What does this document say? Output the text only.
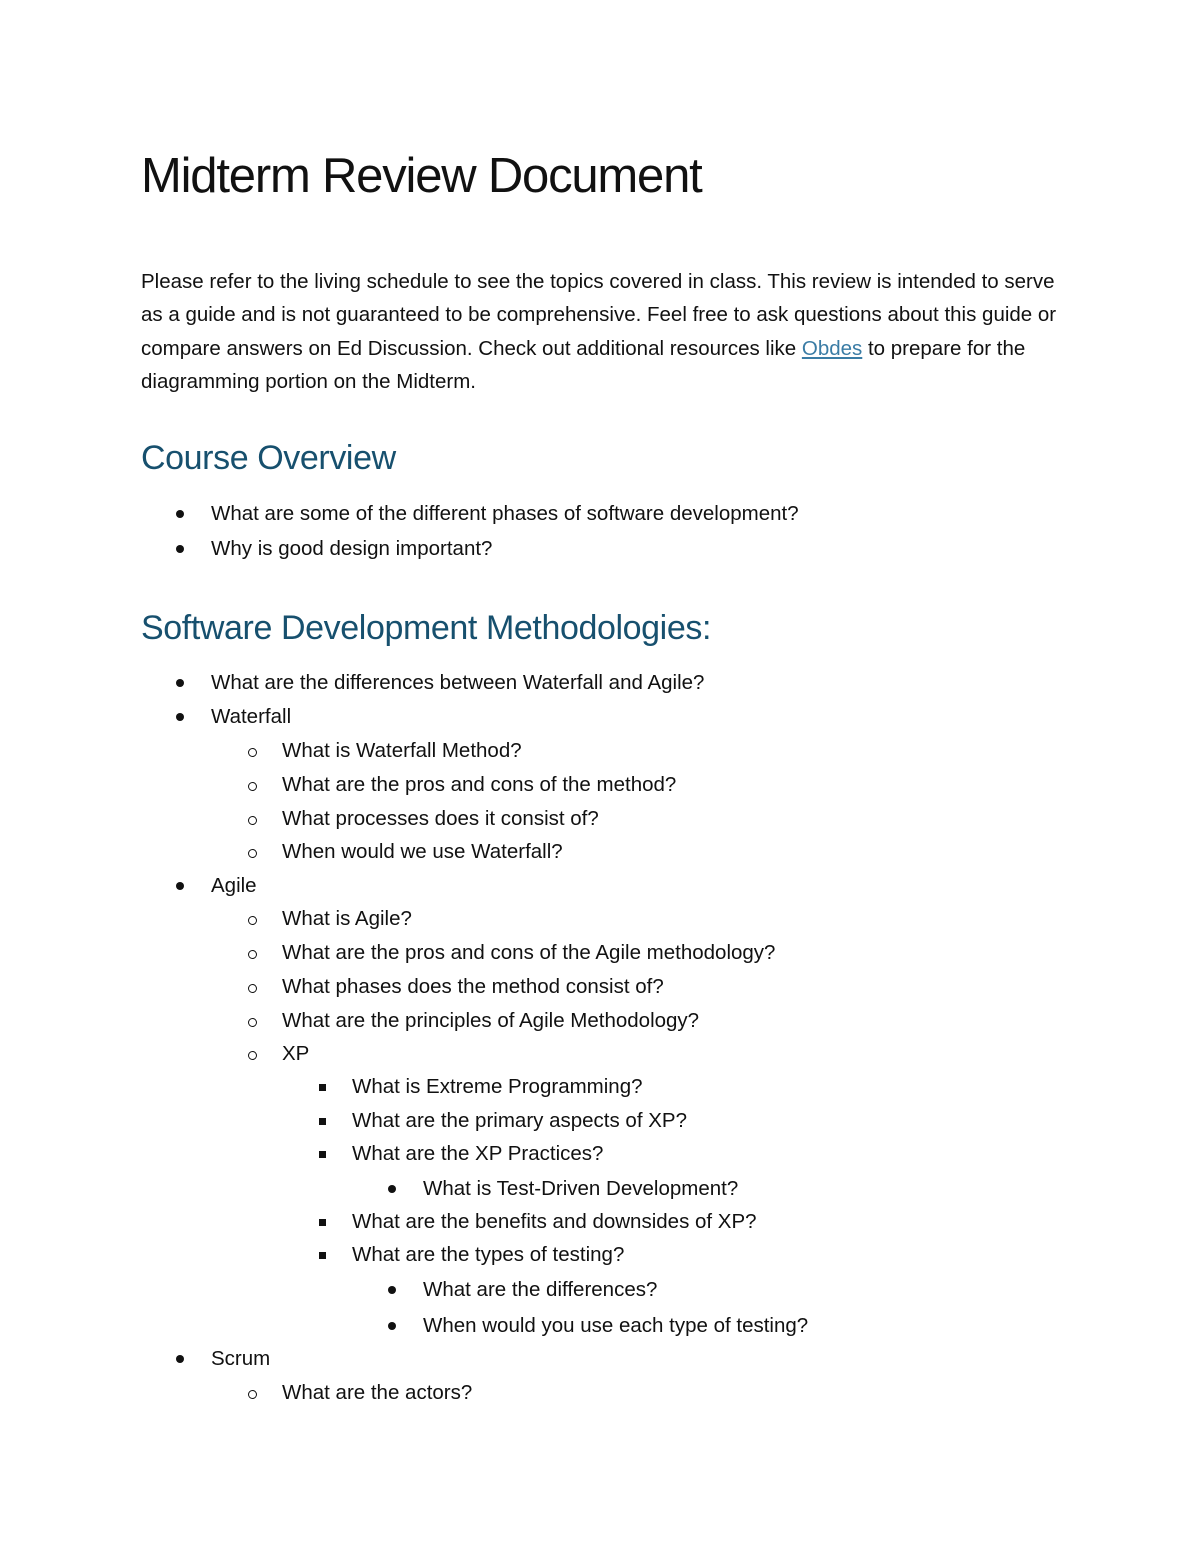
Midterm Review Document

Please refer to the living schedule to see the topics covered in class. This review is intended to serve as a guide and is not guaranteed to be comprehensive. Feel free to ask questions about this guide or compare answers on Ed Discussion. Check out additional resources like Obdes to prepare for the diagramming portion on the Midterm.

Course Overview
What are some of the different phases of software development?
Why is good design important?
Software Development Methodologies:
What are the differences between Waterfall and Agile?
Waterfall
What is Waterfall Method?
What are the pros and cons of the method?
What processes does it consist of?
When would we use Waterfall?
Agile
What is Agile?
What are the pros and cons of the Agile methodology?
What phases does the method consist of?
What are the principles of Agile Methodology?
XP
What is Extreme Programming?
What are the primary aspects of XP?
What are the XP Practices?
What is Test-Driven Development?
What are the benefits and downsides of XP?
What are the types of testing?
What are the differences?
When would you use each type of testing?
Scrum
What are the actors?
